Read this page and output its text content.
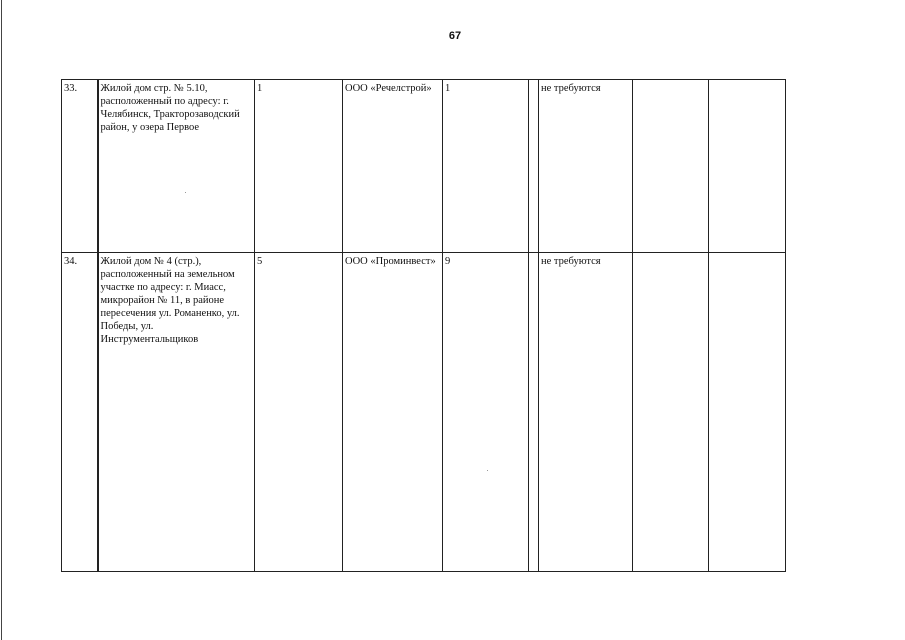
67
33.	Жилой дом стр. № 5.10, расположенный по адресу: г. Челябинск, Тракторозаводский район, у озера Первое	1	ООО «Речелстрой»	1		не требуются		
34.	Жилой дом № 4 (стр.), расположенный на земельном участке по адресу: г. Миасс, микрорайон № 11, в районе пересечения ул. Романенко, ул. Победы, ул. Инструментальщиков	5	ООО «Проминвест»	9		не требуются		
